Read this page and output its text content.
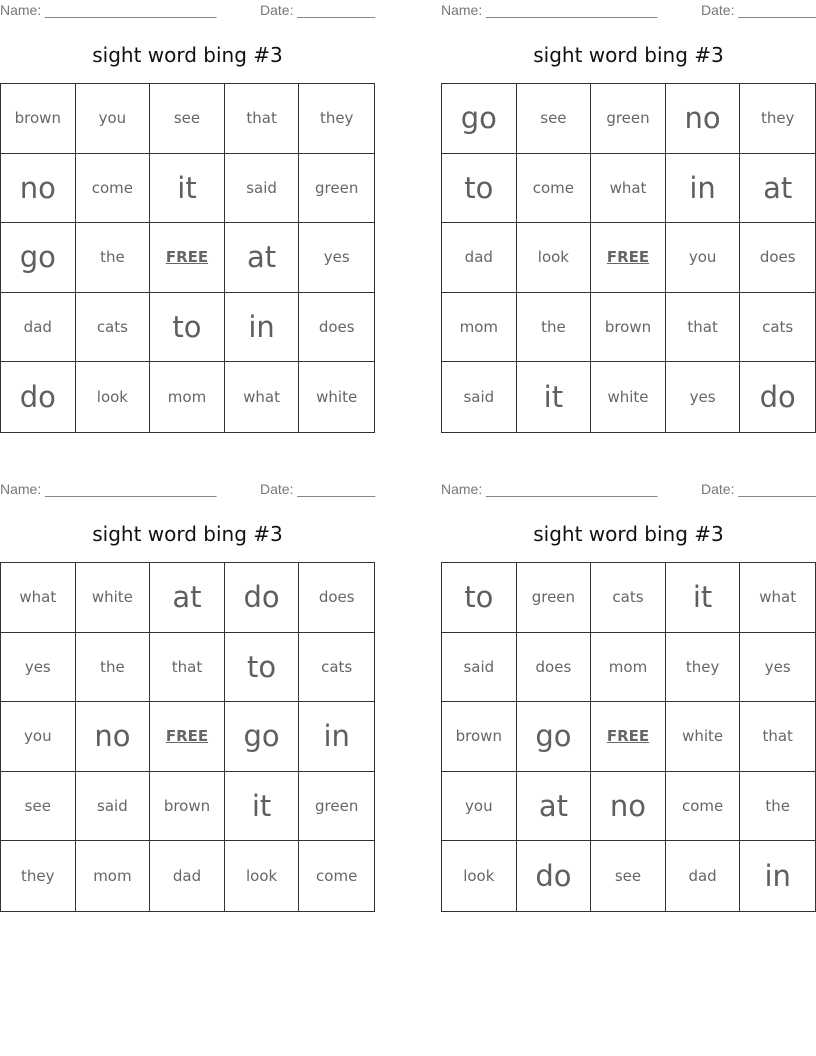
Name: ______________________	Date: __________
sight word bing #3
brown	you	see	that	they
no	come	it	said	green
go	the	FREE	at	yes
dad	cats	to	in	does
do	look	mom	what	white
Name: ______________________	Date: __________
sight word bing #3
go	see	green	no	they
to	come	what	in	at
dad	look	FREE	you	does
mom	the	brown	that	cats
said	it	white	yes	do
Name: ______________________	Date: __________
sight word bing #3
what	white	at	do	does
yes	the	that	to	cats
you	no	FREE	go	in
see	said	brown	it	green
they	mom	dad	look	come
Name: ______________________	Date: __________
sight word bing #3
to	green	cats	it	what
said	does	mom	they	yes
brown	go	FREE	white	that
you	at	no	come	the
look	do	see	dad	in
